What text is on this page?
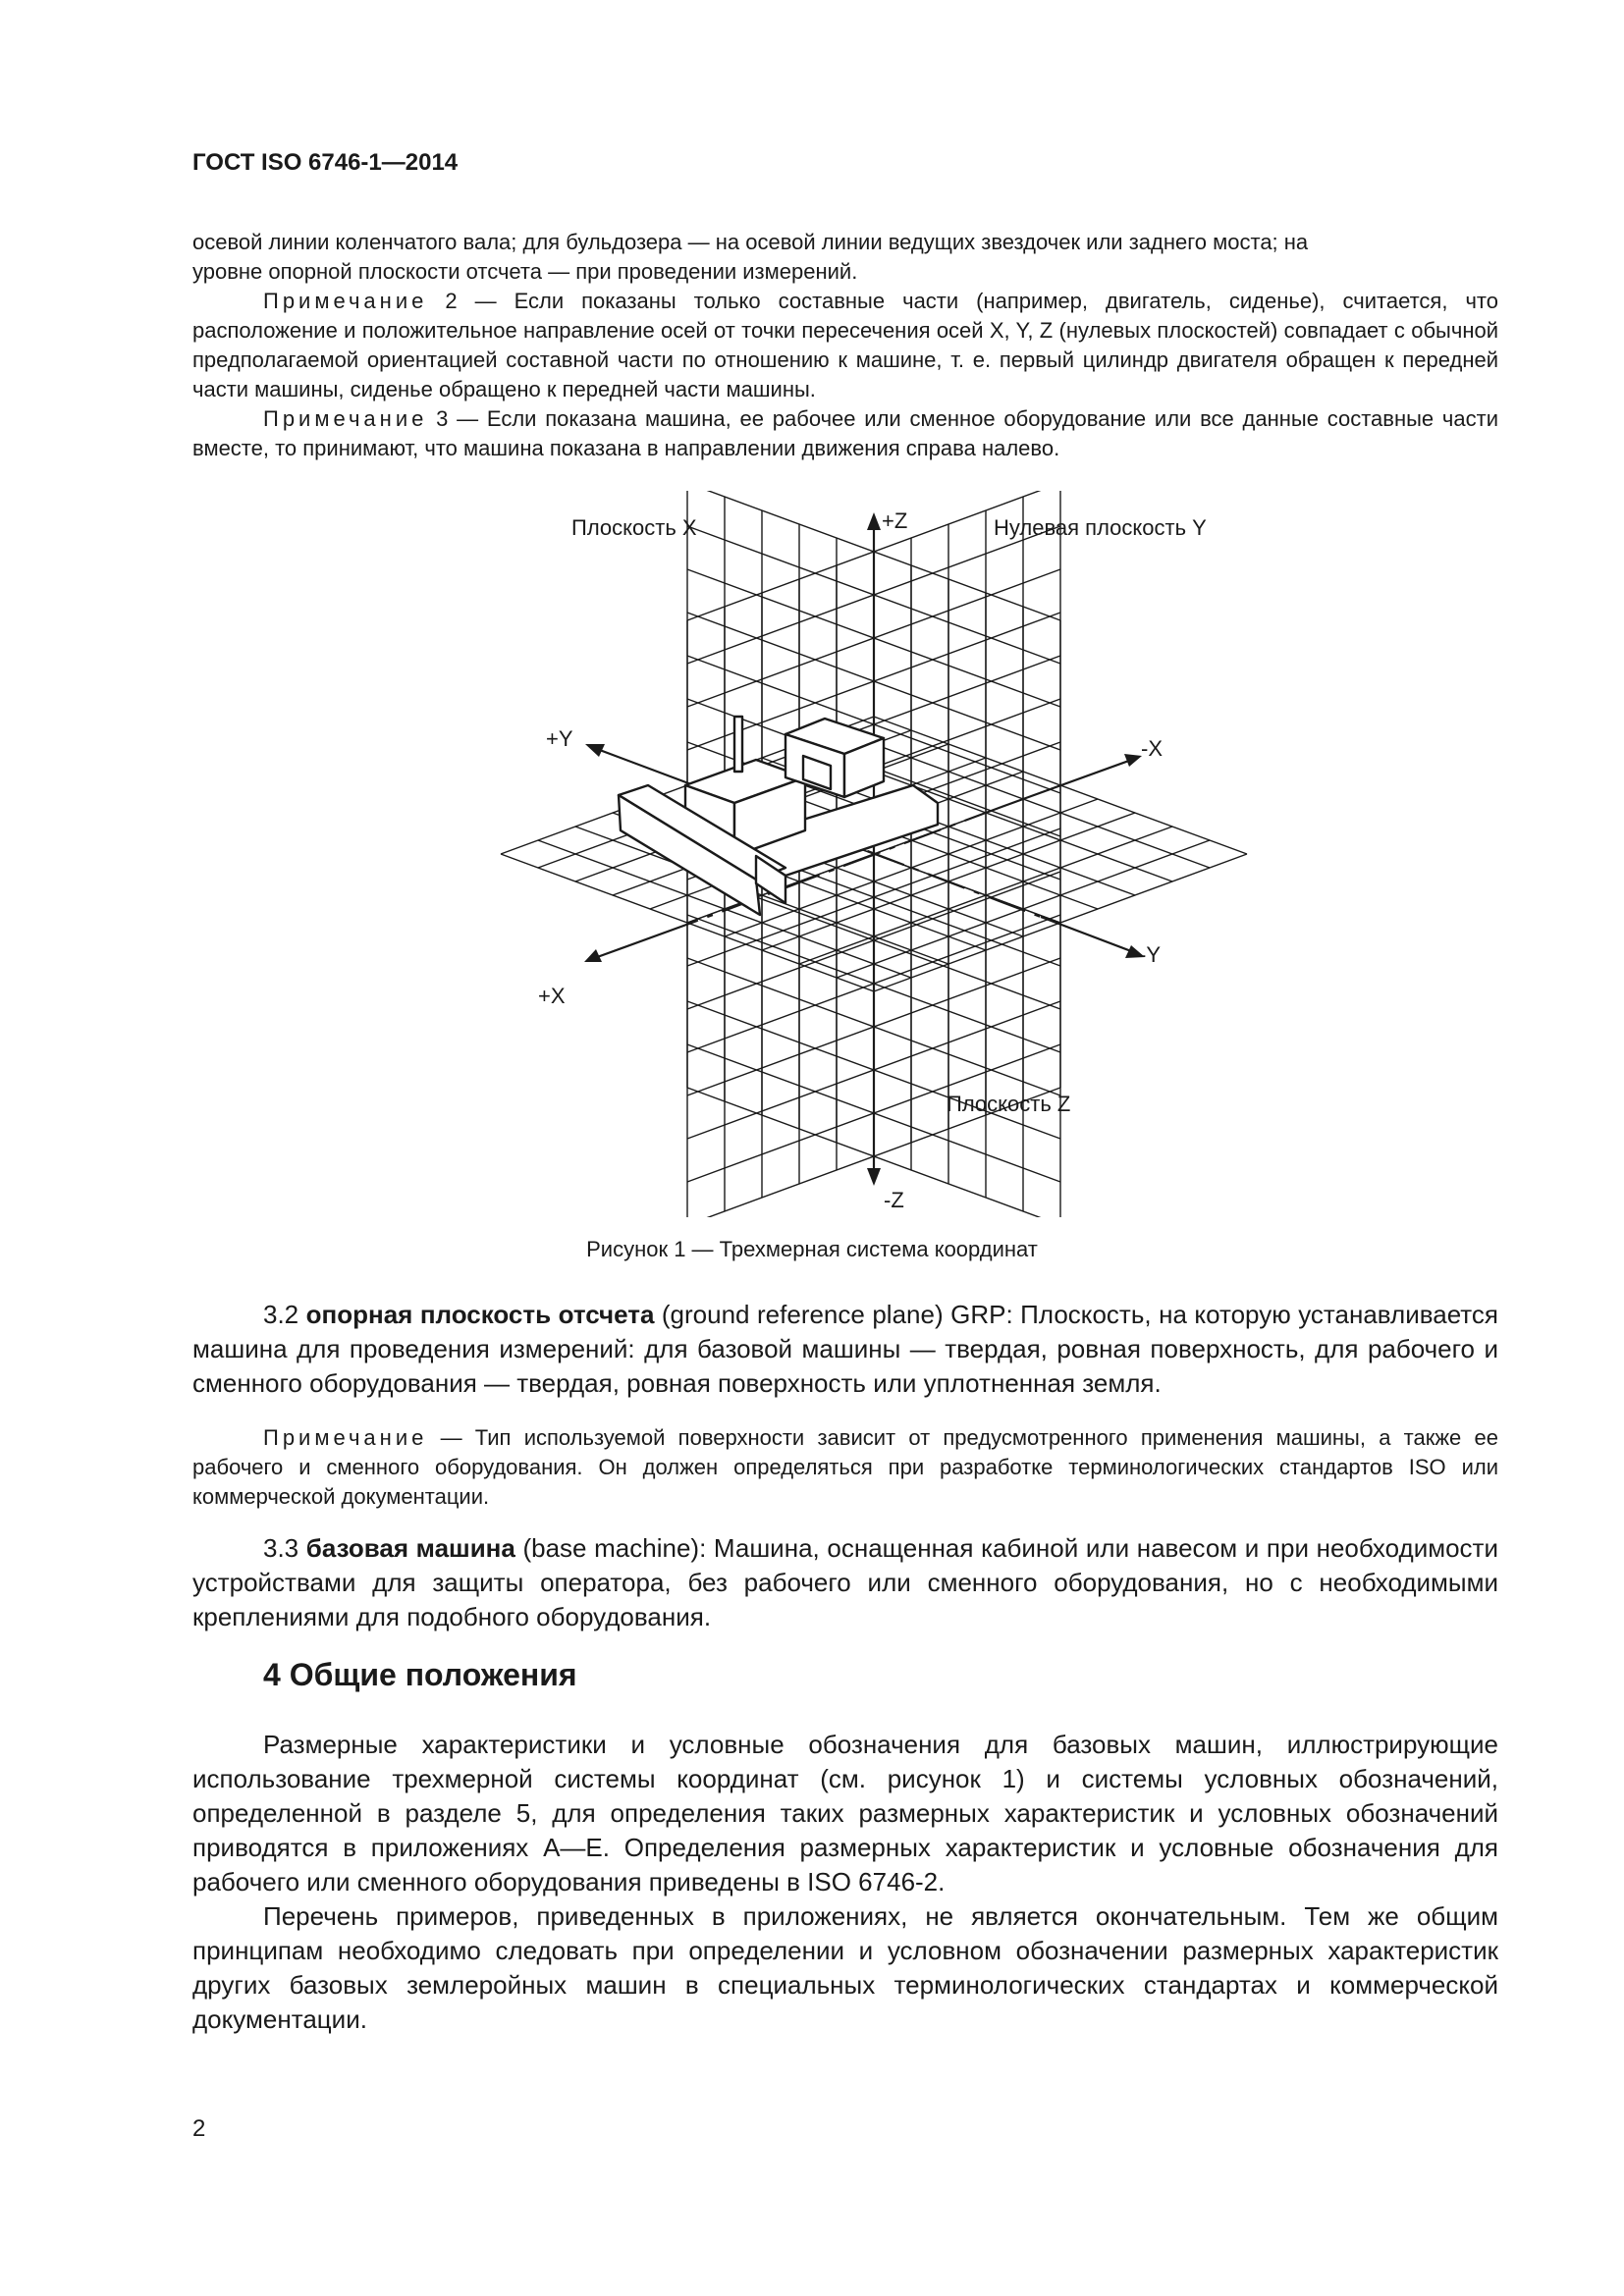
ГОСТ ISO 6746-1—2014

осевой линии коленчатого вала; для бульдозера — на осевой линии ведущих звездочек или заднего моста; на

уровне опорной плоскости отсчета — при проведении измерений.

Примечание 2 — Если показаны только составные части (например, двигатель, сиденье), считается, что расположение и положительное направление осей от точки пересечения осей X, Y, Z (нулевых плоскостей) совпадает с обычной предполагаемой ориентацией составной части по отношению к машине, т. е. первый цилиндр двигателя обращен к передней части машины, сиденье обращено к передней части машины.

Примечание 3 — Если показана машина, ее рабочее или сменное оборудование или все данные составные части вместе, то принимают, что машина показана в направлении движения справа налево.

Плоскость X	Нулевая плоскость Y
+Z
-Z
+Y
-Y
+X
-X
Плоскость Z
Рисунок 1 — Трехмерная система координат

3.2 опорная плоскость отсчета (ground reference plane) GRP: Плоскость, на которую устанавливается машина для проведения измерений: для базовой машины — твердая, ровная поверхность, для рабочего и сменного оборудования — твердая, ровная поверхность или уплотненная земля.

Примечание — Тип используемой поверхности зависит от предусмотренного применения машины, а также ее рабочего и сменного оборудования. Он должен определяться при разработке терминологических стандартов ISO или коммерческой документации.

3.3 базовая машина (base machine): Машина, оснащенная кабиной или навесом и при необходимости устройствами для защиты оператора, без рабочего или сменного оборудования, но с необходимыми креплениями для подобного оборудования.

4 Общие положения

Размерные характеристики и условные обозначения для базовых машин, иллюстрирующие использование трехмерной системы координат (см. рисунок 1) и системы условных обозначений, определенной в разделе 5, для определения таких размерных характеристик и условных обозначений приводятся в приложениях А—Е. Определения размерных характеристик и условные обозначения для рабочего или сменного оборудования приведены в ISO 6746-2.

Перечень примеров, приведенных в приложениях, не является окончательным. Тем же общим принципам необходимо следовать при определении и условном обозначении размерных характеристик других базовых землеройных машин в специальных терминологических стандартах и коммерческой документации.

2
